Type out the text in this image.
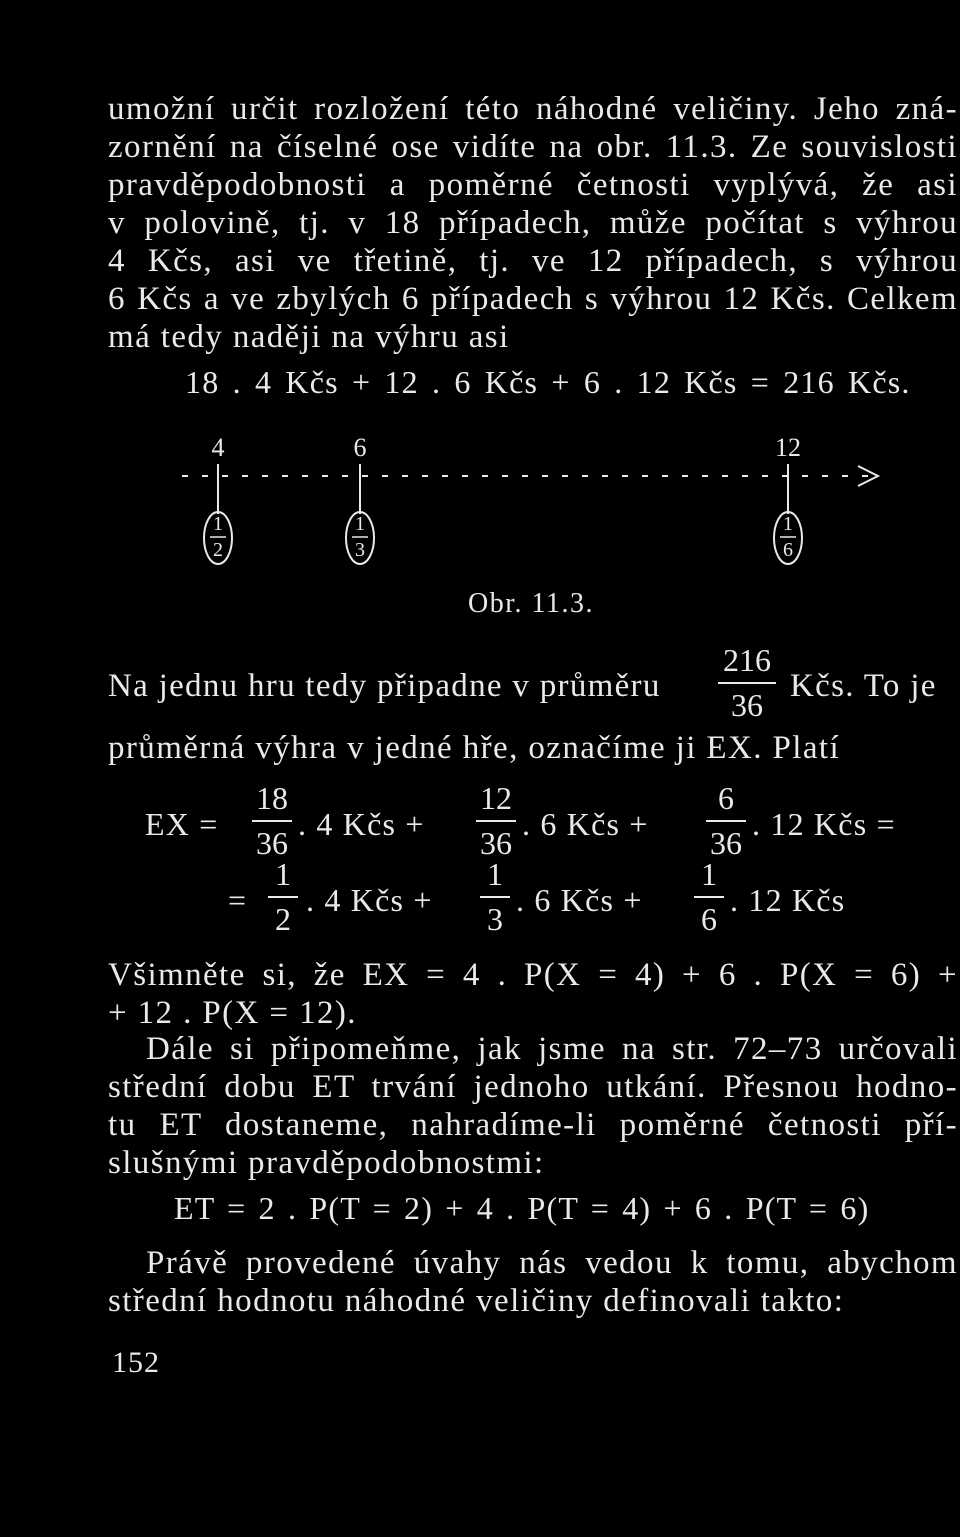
umožní určit rozložení této náhodné veličiny. Jeho zná-
zornění na číselné ose vidíte na obr. 11.3. Ze souvislosti
pravděpodobnosti a poměrné četnosti vyplývá, že asi
v polovině, tj. v 18 případech, může počítat s výhrou
4 Kčs, asi ve třetině, tj. ve 12 případech, s výhrou
6 Kčs a ve zbylých 6 případech s výhrou 12 Kčs. Celkem
má tedy naději na výhru asi
18 . 4 Kčs + 12 . 6 Kčs + 6 . 12 Kčs = 216 Kčs.
4
1
2
6
1
3
12
1
6
Obr. 11.3.
Na jednu hru tedy připadne v průměru
216
36
Kčs. To je
průměrná výhra v jedné hře, označíme ji EX. Platí
EX =
18
36
. 4 Kčs +
12
36
. 6 Kčs +
6
36
. 12 Kčs =
=
1
2
. 4 Kčs +
1
3
. 6 Kčs +
1
6
. 12 Kčs
Všimněte si, že EX = 4 . P(X = 4) + 6 . P(X = 6) +
+ 12 . P(X = 12).
Dále si připomeňme, jak jsme na str. 72–73 určovali
střední dobu ET trvání jednoho utkání. Přesnou hodno-
tu ET dostaneme, nahradíme-li poměrné četnosti pří-
slušnými pravděpodobnostmi:
ET = 2 . P(T = 2) + 4 . P(T = 4) + 6 . P(T = 6)
Právě provedené úvahy nás vedou k tomu, abychom
střední hodnotu náhodné veličiny definovali takto:
152
